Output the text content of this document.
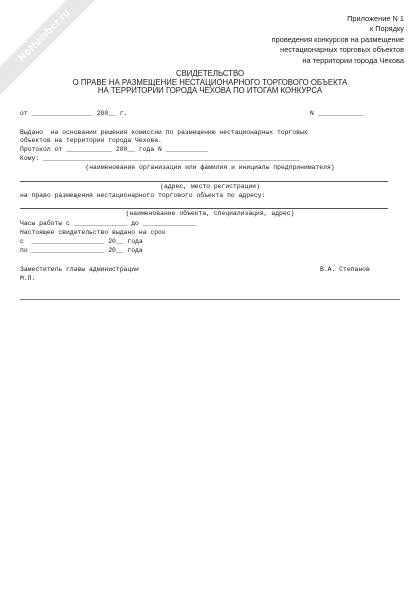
NoNumber.ru	Приложение N 1
к Порядку
проведения конкурсов на размещение
нестационарных торговых объектов
на территории города Чехова
СВИДЕТЕЛЬСТВО
О ПРАВЕ НА РАЗМЕЩЕНИЕ НЕСТАЦИОНАРНОГО ТОРГОВОГО ОБЪЕКТА
НА ТЕРРИТОРИИ ГОРОДА ЧЕХОВА ПО ИТОГАМ КОНКУРСА
от ________________ 200__ г.	N ____________
Выдано  на основании решения комиссии по размещению нестационарных торговых
объектов на территории города Чехова.
Протокол от ____________ 200__ года N ___________
Кому: ___________________________________________________________________
(наименование организации или фамилия и инициалы предпринимателя)
(адрес, место регистрации)
на право размещения нестационарного торгового объекта по адресу:
(наименование объекта, специализация, адрес)
Часы работы с ______________ до ______________
Настоящее свидетельство выдано на срок
с  ___________________ 20__ года
по ___________________ 20__ года
Заместитель главы администрации	В.А. Степанов
М.П.
